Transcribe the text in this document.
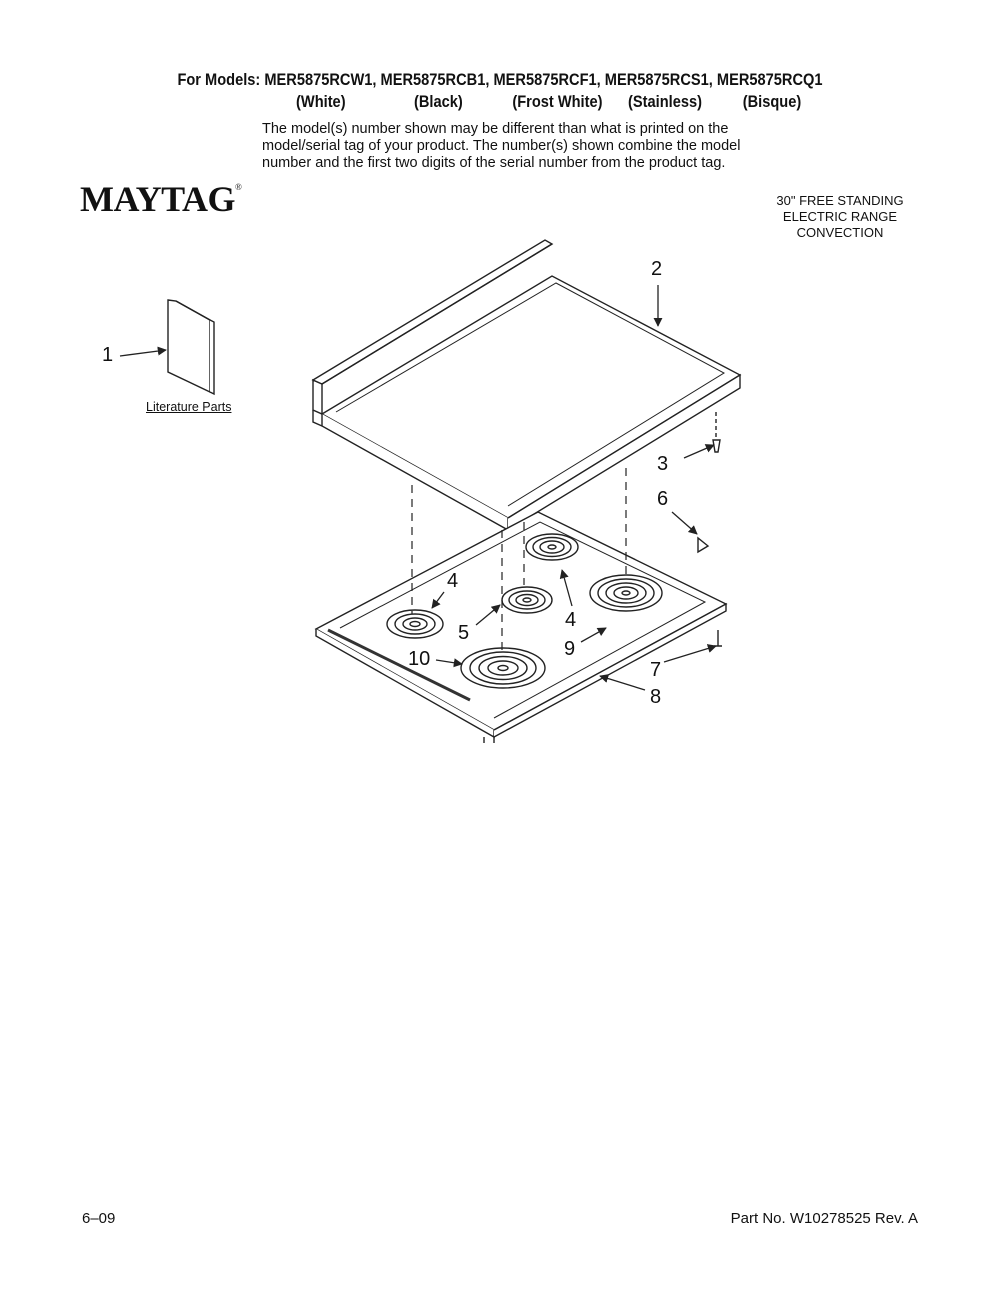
For Models: MER5875RCW1, MER5875RCB1, MER5875RCF1, MER5875RCS1, MER5875RCQ1
(White)	(Black)	(Frost White) (Stainless) (Bisque)
The model(s) number shown may be different than what is printed on the
model/serial tag of your product. The number(s) shown combine the model
number and the first two digits of the serial number from the product tag.
MAYTAG®
30" FREE STANDING
ELECTRIC RANGE
CONVECTION
Literature Parts
1
2
3
4
4
5
6
7
8
9
10
6–09	Part No. W10278525 Rev. A
